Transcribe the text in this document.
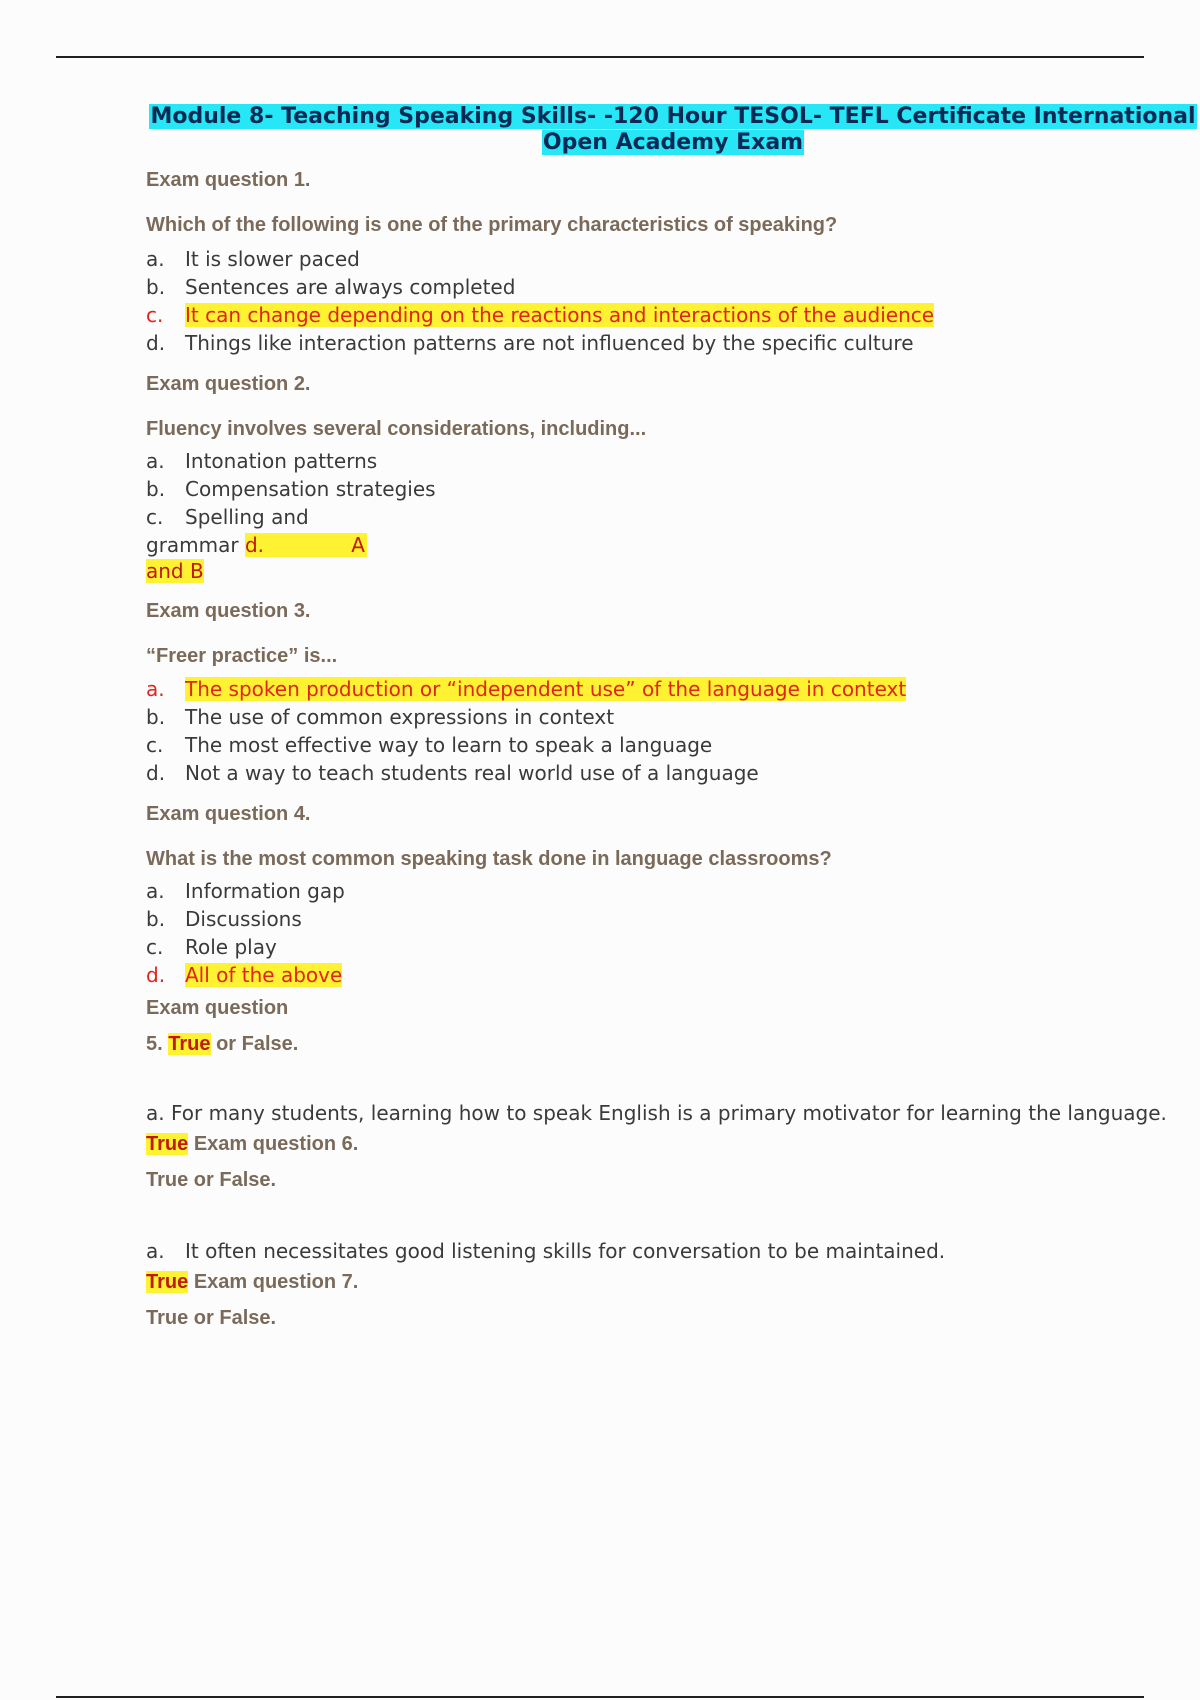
Module 8- Teaching Speaking Skills- -120 Hour TESOL- TEFL Certificate International
Open Academy Exam
Exam question 1.
Which of the following is one of the primary characteristics of speaking?
a. It is slower paced
b. Sentences are always completed
c. It can change depending on the reactions and interactions of the audience
d. Things like interaction patterns are not influenced by the specific culture
Exam question 2.
Fluency involves several considerations, including...
a. Intonation patterns
b. Compensation strategies
c. Spelling and
grammar d.	A
and B
Exam question 3.
“Freer practice” is...
a. The spoken production or “independent use” of the language in context
b. The use of common expressions in context
c. The most effective way to learn to speak a language
d. Not a way to teach students real world use of a language
Exam question 4.
What is the most common speaking task done in language classrooms?
a. Information gap
b. Discussions
c. Role play
d. All of the above
Exam question
5. True or False.
a. For many students, learning how to speak English is a primary motivator for learning the language.
True Exam question 6.
True or False.
a. It often necessitates good listening skills for conversation to be maintained.
True Exam question 7.
True or False.
